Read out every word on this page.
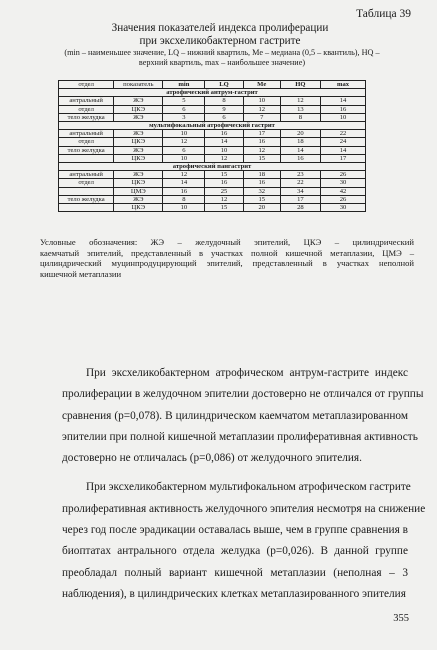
Таблица 39
Значения показателей индекса пролиферации
при эксхеликобактерном гастрите
(min – наименьшее значение, LQ – нижний квартиль, Me – медиана (0,5 – квантиль), HQ –
верхний квартиль, max – наибольшее значение)
отдел	показатель	min	LQ	Me	HQ	max
атрофический антрум-гастрит						
антральный	ЖЭ	5	8	10	12	14
отдел	ЦКЭ	6	9	12	13	16
тело желудка	ЖЭ	3	6	7	8	10
мультифокальный атрофический гастрит						
антральный	ЖЭ	10	16	17	20	22
отдел	ЦКЭ	12	14	16	18	24
тело желудка	ЖЭ	6	10	12	14	14
	ЦКЭ	10	12	15	16	17
атрофический пангастрит						
антральный	ЖЭ	12	15	18	23	26
отдел	ЦКЭ	14	16	16	22	30
	ЦМЭ	16	25	32	34	42
тело желудка	ЖЭ	8	12	15	17	26
	ЦКЭ	10	15	20	28	30
Условные обозначения: ЖЭ – желудочный эпителий, ЦКЭ – цилиндрический
каемчатый эпителий, представленный в участках полной кишечной метаплазии, ЦМЭ –
цилиндрический муцинпродуцирующий эпителий, представленный в участках неполной
кишечной метаплазии
При эксхеликобактерном атрофическом антрум-гастрите индекс
пролиферации в желудочном эпителии достоверно не отличался от группы
сравнения (р=0,078). В цилиндрическом каемчатом метаплазированном
эпителии при полной кишечной метаплазии пролиферативная активность
достоверно не отличалась (р=0,086) от желудочного эпителия.
При эксхеликобактерном мультифокальном атрофическом гастрите
пролиферативная активность желудочного эпителия несмотря на снижение
через год после эрадикации оставалась выше, чем в группе сравнения в
биоптатах антрального отдела желудка (р=0,026). В данной группе
преобладал полный вариант кишечной метаплазии (неполная – 3
наблюдения), в цилиндрических клетках метаплазированного эпителия
355
